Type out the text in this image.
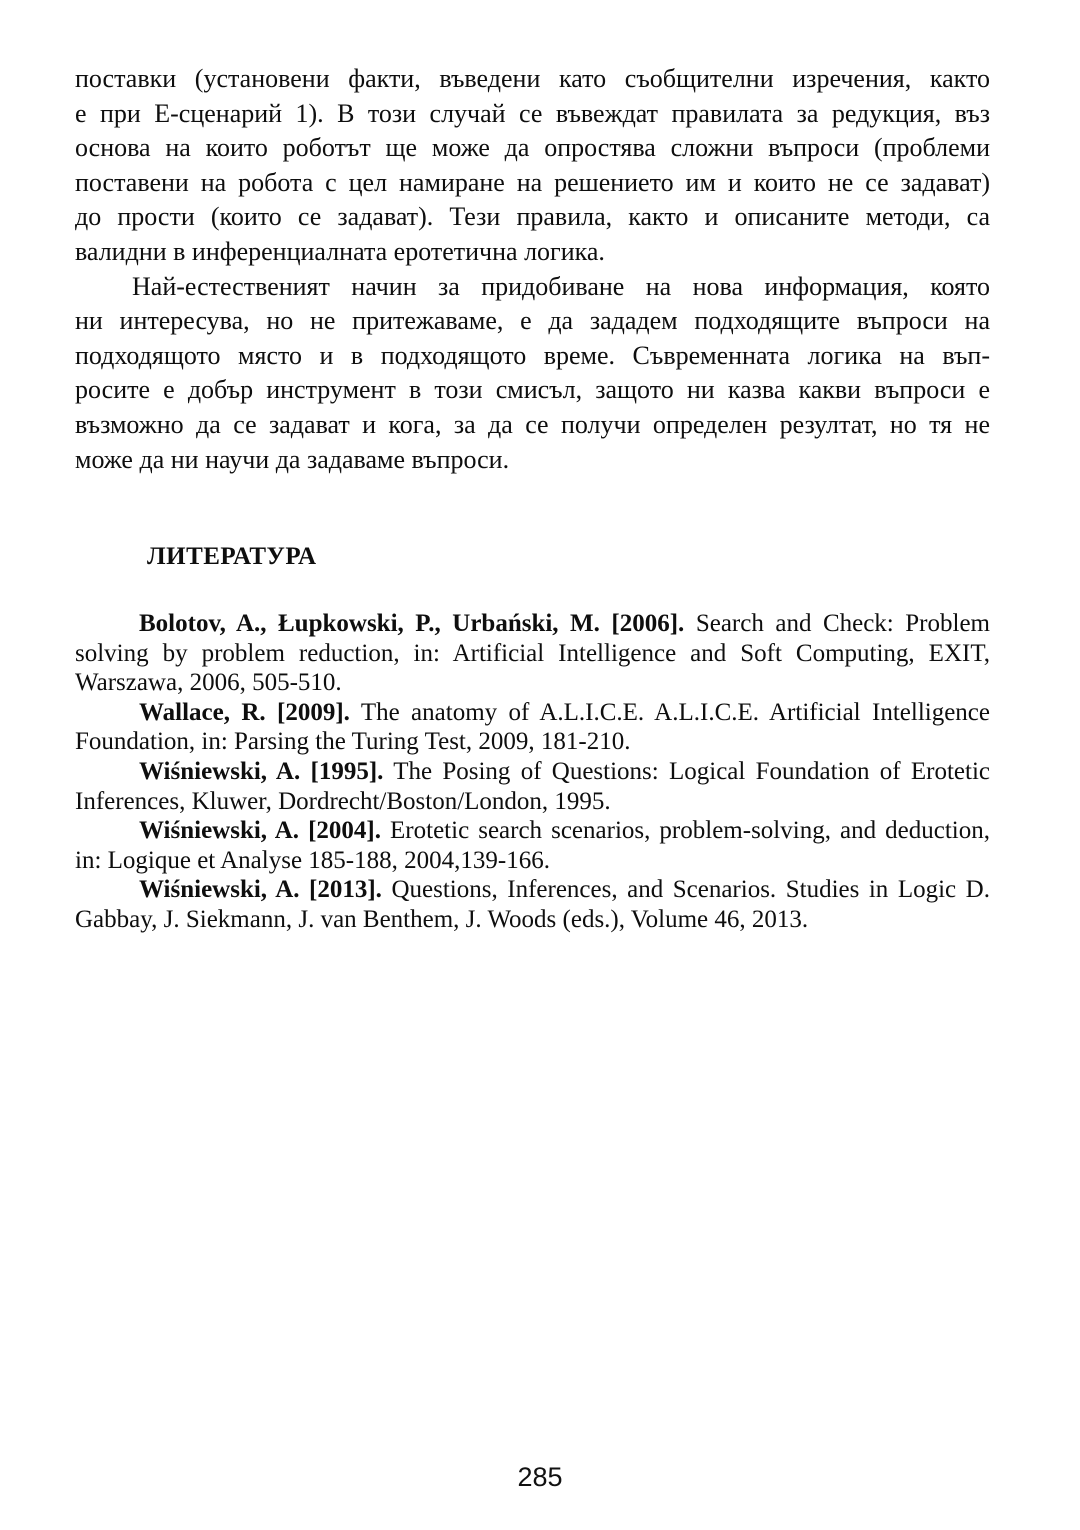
поставки (установени факти, въведени като съобщителни изречения, както
е при Е-сценарий 1). В този случай се въвеждат правилата за редукция, въз
основа на които роботът ще може да опростява сложни въпроси (проблеми
поставени на робота с цел намиране на решението им и които не се задават)
до прости (които се задават). Тези правила, както и описаните методи, са
валидни в инференциалната еротетична логика.
Най-естественият начин за придобиване на нова информация, която
ни интересува, но не притежаваме, е да зададем подходящите въпроси на
подходящото място и в подходящото време. Съвременната логика на въп-
росите е добър инструмент в този смисъл, защото ни казва какви въпроси е
възможно да се задават и кога, за да се получи определен резултат, но тя не
може да ни научи да задаваме въпроси.
ЛИТЕРАТУРА
Bolotov, A., Łupkowski, P., Urbański, M. [2006]. Search and Check: Problem
solving by problem reduction, in: Artificial Intelligence and Soft Computing, EXIT,
Warszawa, 2006, 505-510.
Wallace, R. [2009]. The anatomy of A.L.I.C.E. A.L.I.C.E. Artificial Intelligence
Foundation, in: Parsing the Turing Test, 2009, 181-210.
Wiśniewski, A. [1995]. The Posing of Questions: Logical Foundation of Erotetic
Inferences, Kluwer, Dordrecht/Boston/London, 1995.
Wiśniewski, A. [2004]. Erotetic search scenarios, problem-solving, and deduction,
in: Logique et Analyse 185-188, 2004,139-166.
Wiśniewski, A. [2013]. Questions, Inferences, and Scenarios. Studies in Logic D.
Gabbay, J. Siekmann, J. van Benthem, J. Woods (eds.), Volume 46, 2013.
285
